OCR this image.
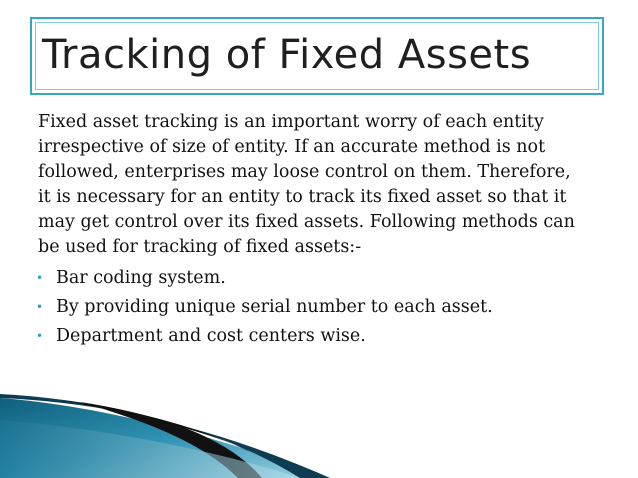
Tracking of Fixed Assets

Fixed asset tracking is an important worry of each entity irrespective of size of entity. If an accurate method is not followed, enterprises may loose control on them. Therefore, it is necessary for an entity to track its fixed asset so that it may get control over its fixed assets. Following methods can be used for tracking of fixed assets:-

• Bar coding system.
• By providing unique serial number to each asset.
• Department and cost centers wise.
